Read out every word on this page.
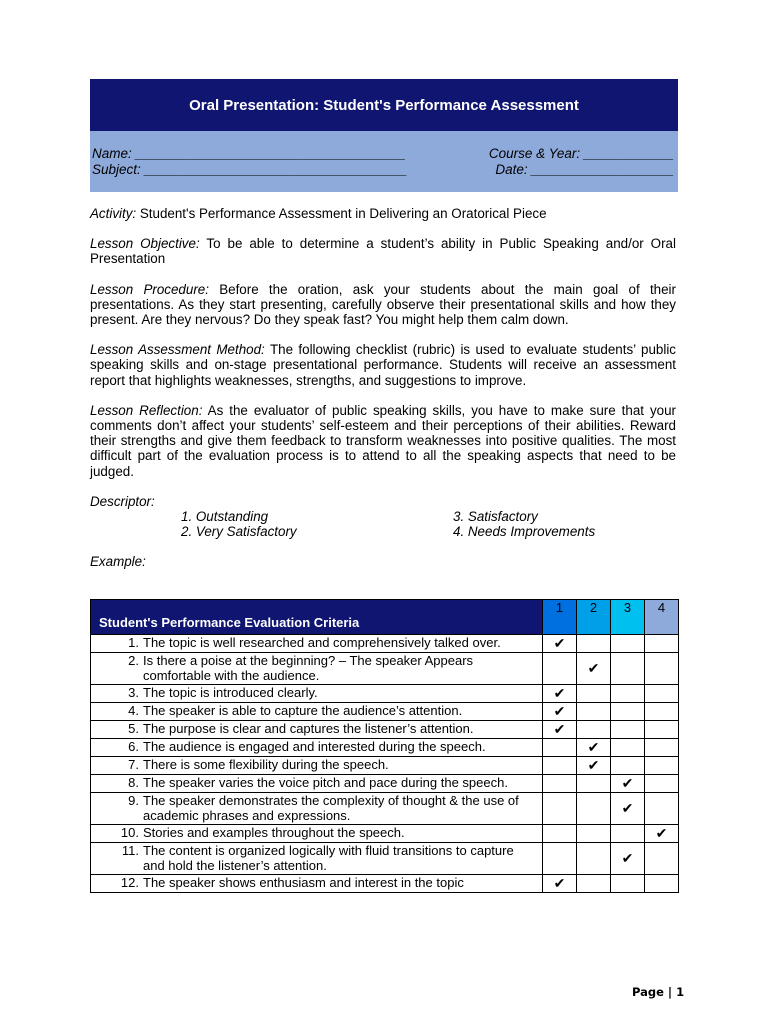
Oral Presentation: Student's Performance Assessment
Name: ____________________________________	Course & Year: ____________
Subject: ___________________________________	Date: ___________________

Activity: Student's Performance Assessment in Delivering an Oratorical Piece

Lesson Objective: To be able to determine a student’s ability in Public Speaking and/or Oral Presentation

Lesson Procedure: Before the oration, ask your students about the main goal of their presentations. As they start presenting, carefully observe their presentational skills and how they present. Are they nervous? Do they speak fast? You might help them calm down.

Lesson Assessment Method: The following checklist (rubric) is used to evaluate students’ public speaking skills and on-stage presentational performance. Students will receive an assessment report that highlights weaknesses, strengths, and suggestions to improve.

Lesson Reflection: As the evaluator of public speaking skills, you have to make sure that your comments don’t affect your students’ self-esteem and their perceptions of their abilities. Reward their strengths and give them feedback to transform weaknesses into positive qualities. The most difficult part of the evaluation process is to attend to all the speaking aspects that need to be judged.

Descriptor:
1. Outstanding	3. Satisfactory
2. Very Satisfactory	4. Needs Improvements
Example:
Student's Performance Evaluation Criteria	1	2	3	4

1. The topic is well researched and comprehensively talked over.	✔			

2. Is there a poise at the beginning? – The speaker Appears comfortable with the audience.		✔		

3. The topic is introduced clearly.	✔			

4. The speaker is able to capture the audience’s attention.	✔			

5. The purpose is clear and captures the listener’s attention.	✔			

6. The audience is engaged and interested during the speech.		✔		

7. There is some flexibility during the speech.		✔		

8. The speaker varies the voice pitch and pace during the speech.			✔	

9. The speaker demonstrates the complexity of thought & the use of academic phrases and expressions.			✔	

10. Stories and examples throughout the speech.				✔

11. The content is organized logically with fluid transitions to capture and hold the listener’s attention.			✔	

12. The speaker shows enthusiasm and interest in the topic	✔			
Page | 1
